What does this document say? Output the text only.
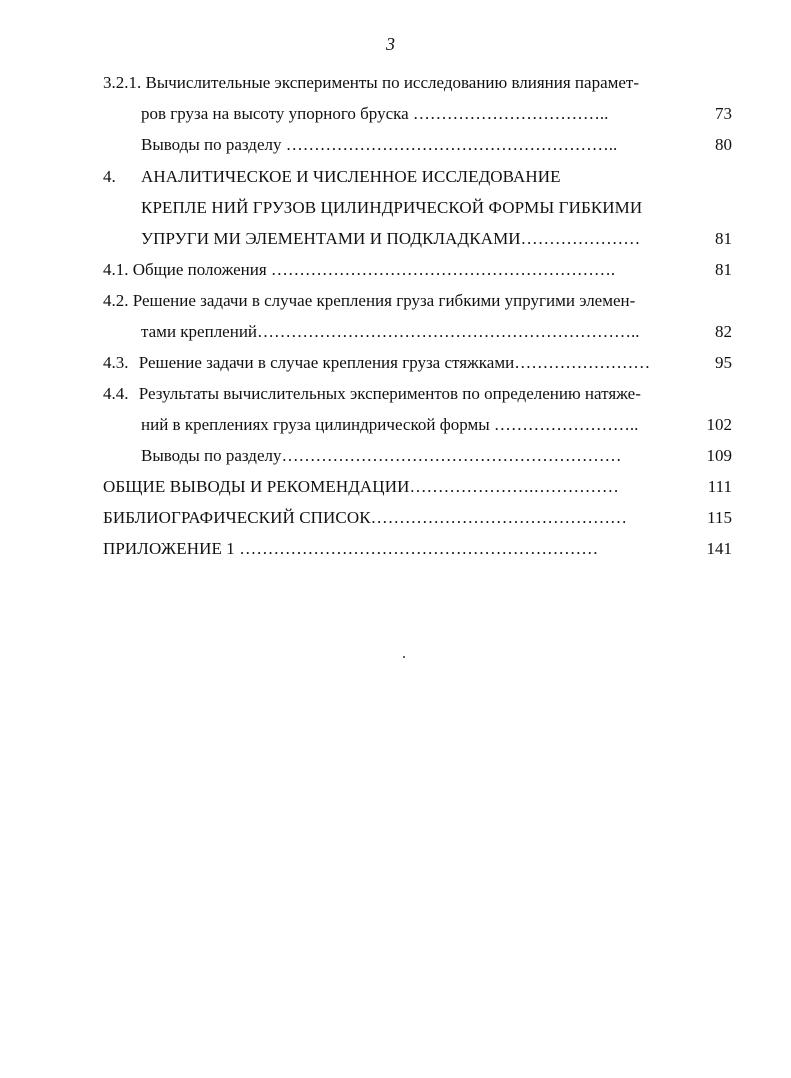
3
3.2.1. Вычислительные эксперименты по исследованию влияния парамет-
ров груза на высоту упорного бруска ……………………………..	73
Выводы по разделу …………………………………………………..	80
4. АНАЛИТИЧЕСКОЕ И ЧИСЛЕННОЕ ИССЛЕДОВАНИЕ
КРЕПЛЕ НИЙ ГРУЗОВ ЦИЛИНДРИЧЕСКОЙ ФОРМЫ ГИБКИМИ
УПРУГИ МИ ЭЛЕМЕНТАМИ И ПОДКЛАДКАМИ…………………	81
4.1. Общие положения …………………………………………………….	81
4.2. Решение задачи в случае крепления груза гибкими упругими элемен-
тами креплений…………………………………………………………..	82
4.3. Решение задачи в случае крепления груза стяжками……………………	95
4.4. Результаты вычислительных экспериментов по определению натяже-
ний в креплениях груза цилиндрической формы ……………………..	102
Выводы по разделу……………………………………………………	109
ОБЩИЕ ВЫВОДЫ И РЕКОМЕНДАЦИИ………………….……………	111
БИБЛИОГРАФИЧЕСКИЙ СПИСОК………………………………………	115
ПРИЛОЖЕНИЕ 1 ………………………………………………………	141
